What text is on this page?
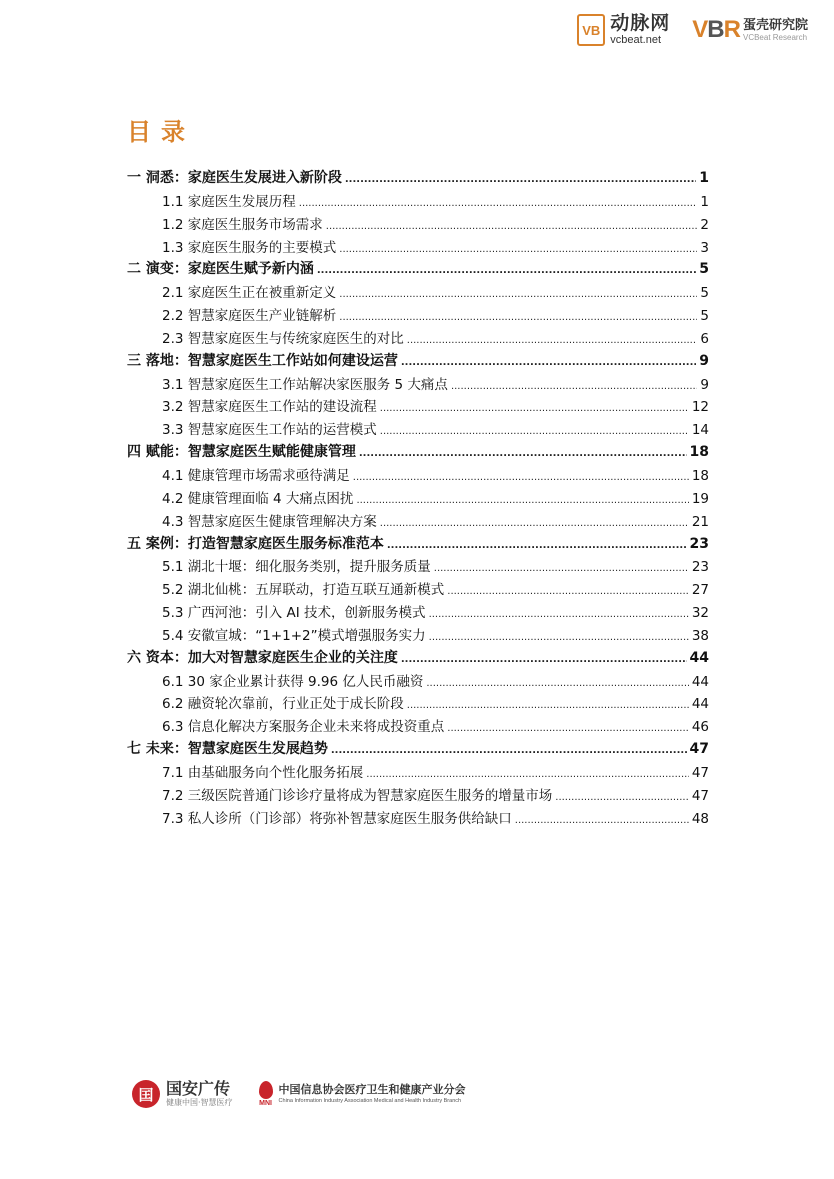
VB 动脉网
vcbeat.net	VBR 蛋壳研究院
VCBeat Research
目录
一 洞悉：家庭医生发展进入新阶段 .....	1
1.1 家庭医生发展历程 .....	1
1.2 家庭医生服务市场需求 .....	2
1.3 家庭医生服务的主要模式 .....	3
二 演变：家庭医生赋予新内涵 .....	5
2.1 家庭医生正在被重新定义 .....	5
2.2 智慧家庭医生产业链解析 .....	5
2.3 智慧家庭医生与传统家庭医生的对比 .....	6
三 落地：智慧家庭医生工作站如何建设运营 .....	9
3.1 智慧家庭医生工作站解决家医服务 5 大痛点 .....	9
3.2 智慧家庭医生工作站的建设流程 .....	12
3.3 智慧家庭医生工作站的运营模式 .....	14
四 赋能：智慧家庭医生赋能健康管理 .....	18
4.1 健康管理市场需求亟待满足 .....	18
4.2 健康管理面临 4 大痛点困扰 .....	19
4.3 智慧家庭医生健康管理解决方案 .....	21
五 案例：打造智慧家庭医生服务标准范本 .....	23
5.1 湖北十堰：细化服务类别，提升服务质量 .....	23
5.2 湖北仙桃：五屏联动，打造互联互通新模式 .....	27
5.3 广西河池：引入 AI 技术，创新服务模式 .....	32
5.4 安徽宣城：“1+1+2”模式增强服务实力 .....	38
六 资本：加大对智慧家庭医生企业的关注度 .....	44
6.1 30 家企业累计获得 9.96 亿人民币融资 .....	44
6.2 融资轮次靠前，行业正处于成长阶段 .....	44
6.3 信息化解决方案服务企业未来将成投资重点 .....	46
七 未来：智慧家庭医生发展趋势 .....	47
7.1 由基础服务向个性化服务拓展 .....	47
7.2 三级医院普通门诊诊疗量将成为智慧家庭医生服务的增量市场 .....	47
7.3 私人诊所（门诊部）将弥补智慧家庭医生服务供给缺口 .....	48
囯 国安广传
健康中国·智慧医疗	MNI
中国信息协会医疗卫生和健康产业分会
China Information Industry Association Medical and Health Industry Branch
